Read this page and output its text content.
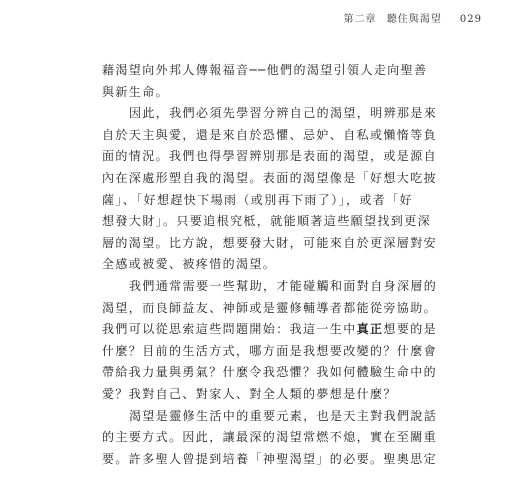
第二章 聽住與渴望 029
藉渴望向外邦人傳報福音──他們的渴望引領人走向聖善
與新生命。
因此，我們必須先學習分辨自己的渴望，明辨那是來
自於天主與愛，還是來自於恐懼、忌妒、自私或懶惰等負
面的情況。我們也得學習辨別那是表面的渴望，或是源自
內在深處形塑自我的渴望。表面的渴望像是「好想大吃披
薩」、「好想趕快下場雨（或別再下雨了）」，或者「好
想發大財」。只要追根究柢，就能順著這些願望找到更深
層的渴望。比方說，想要發大財，可能來自於更深層對安
全感或被愛、被疼惜的渴望。
我們通常需要一些幫助，才能碰觸和面對自身深層的
渴望，而良師益友、神師或是靈修輔導者都能從旁協助。
我們可以從思索這些問題開始：我這一生中真正想要的是
什麼？目前的生活方式，哪方面是我想要改變的？什麼會
帶給我力量與勇氣？什麼令我恐懼？我如何體驗生命中的
愛？我對自己、對家人、對全人類的夢想是什麼？
渴望是靈修生活中的重要元素，也是天主對我們說話
的主要方式。因此，讓最深的渴望常燃不熄，實在至關重
要。許多聖人曾提到培養「神聖渴望」的必要。聖奧思定
